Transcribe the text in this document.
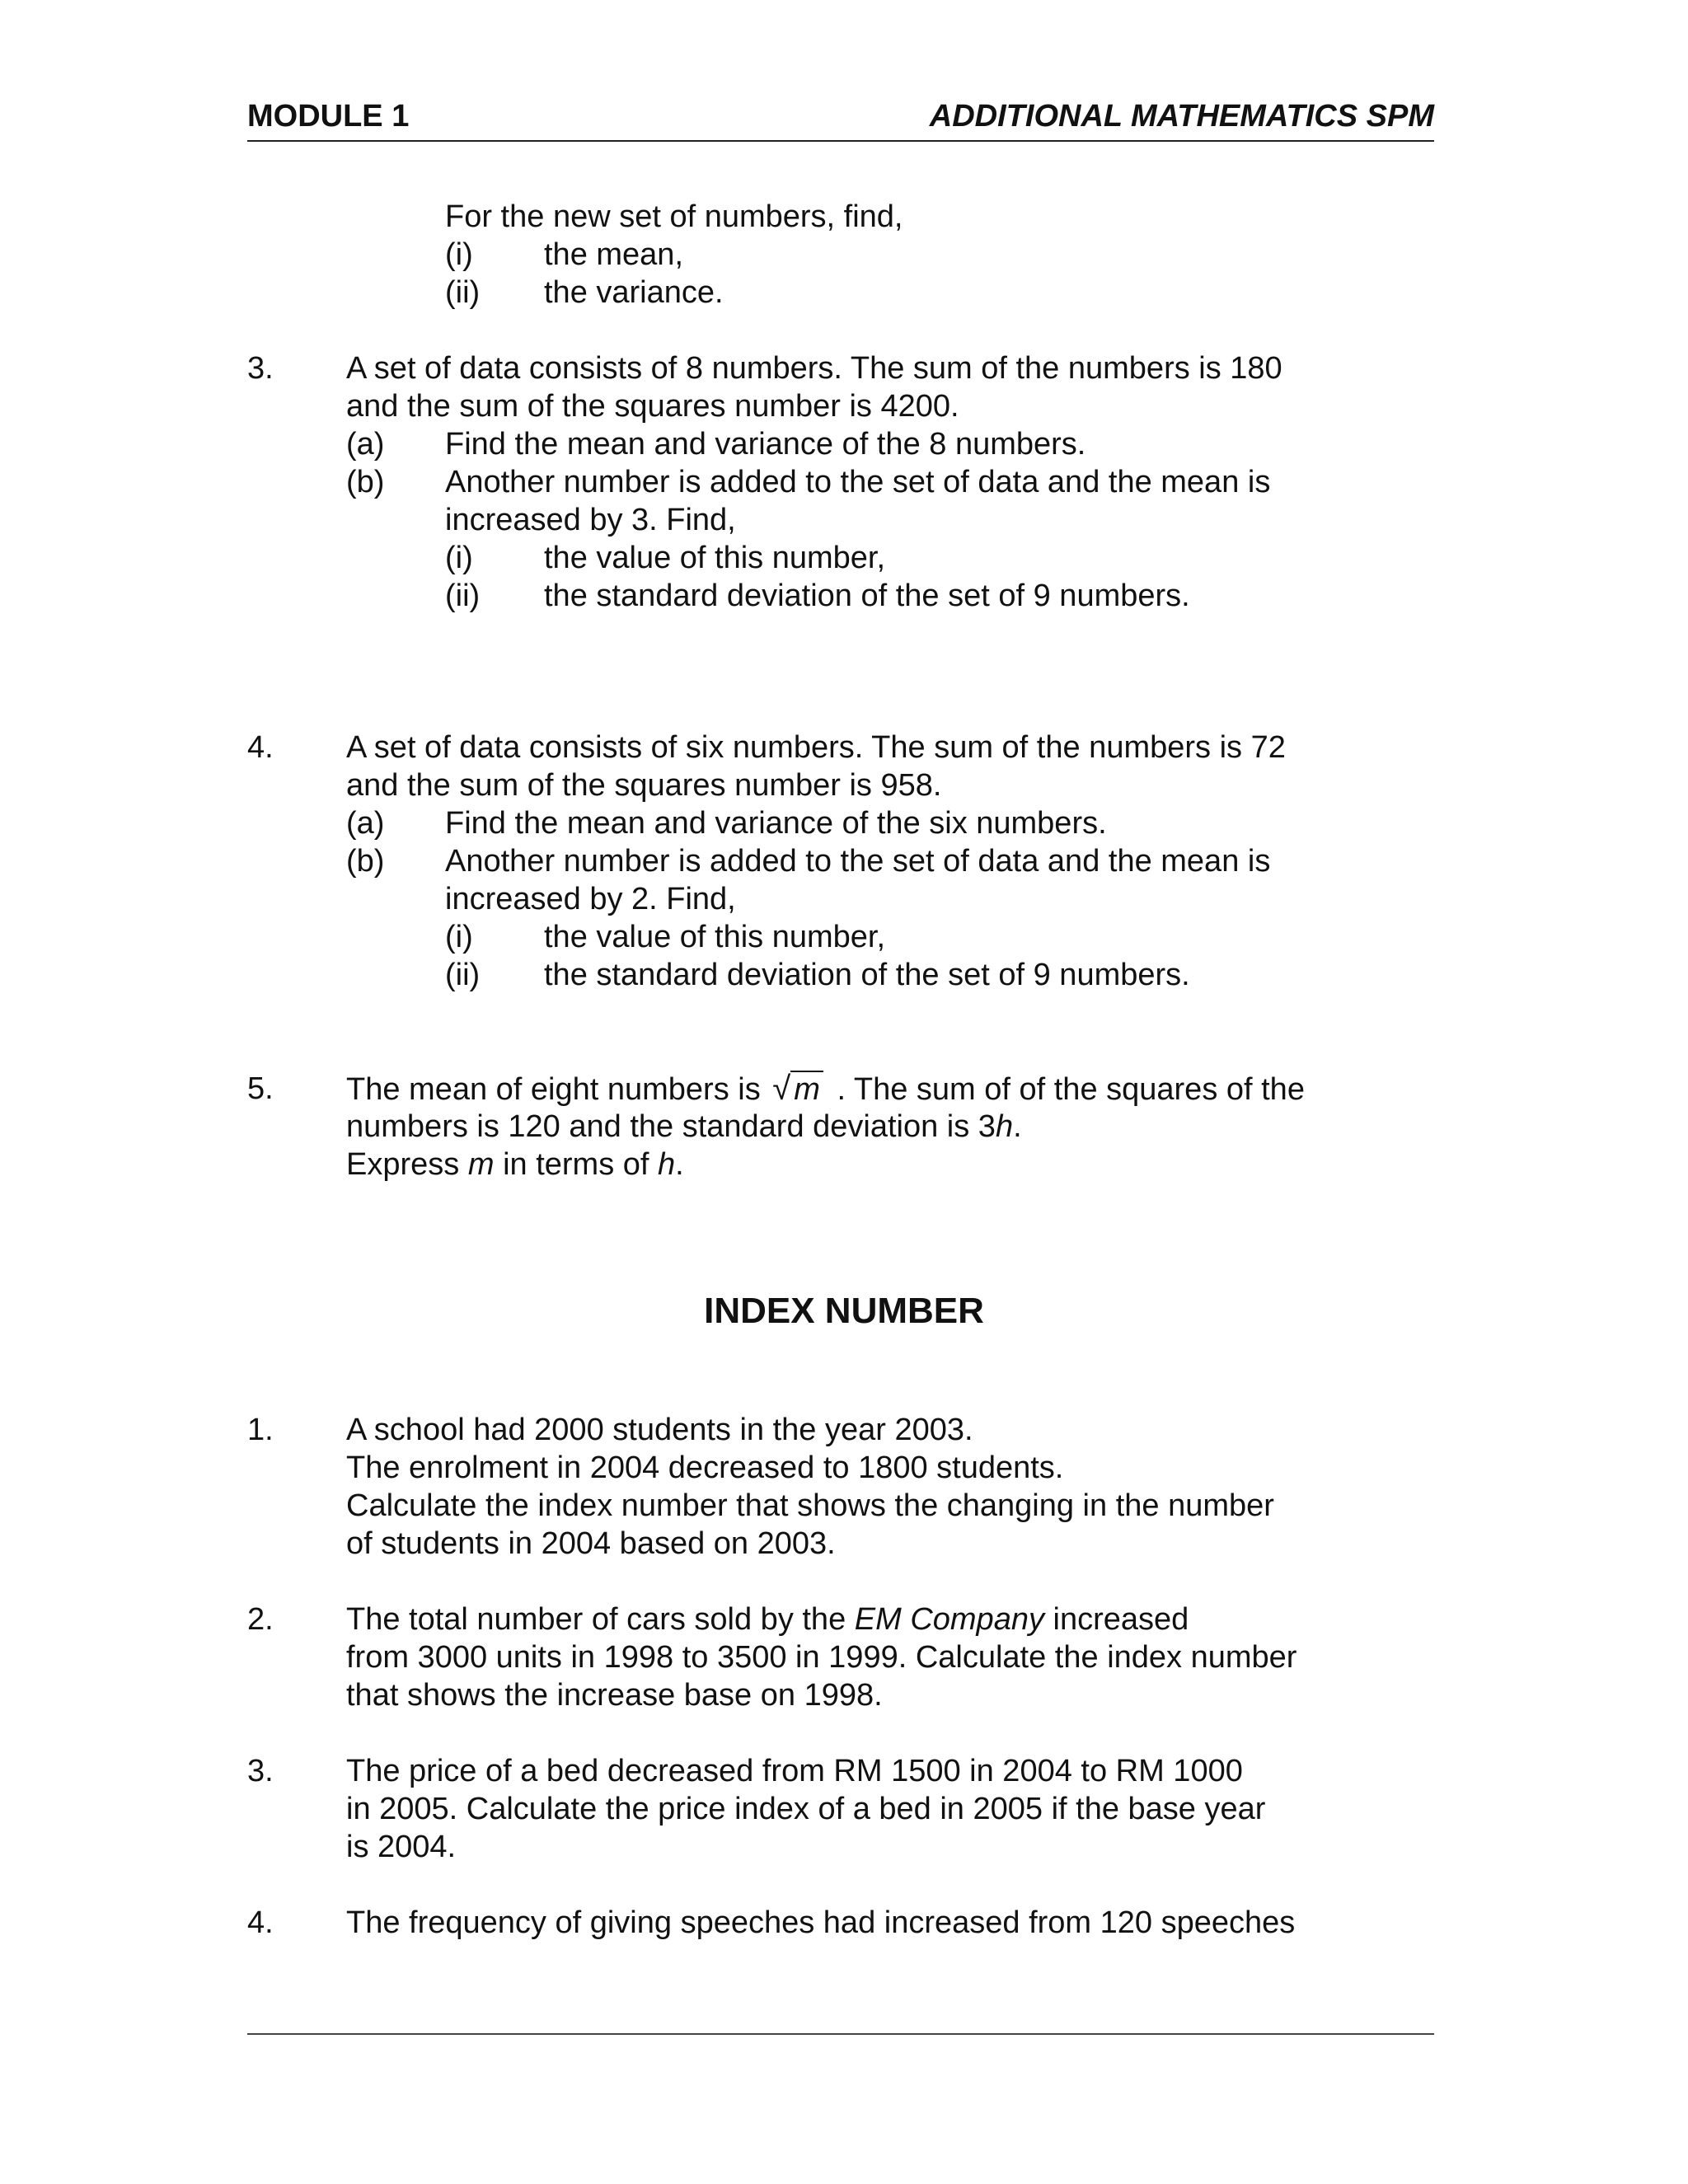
MODULE 1	ADDITIONAL MATHEMATICS SPM
For the new set of numbers, find,
(i) the mean,
(ii) the variance.
3. A set of data consists of 8 numbers. The sum of the numbers is 180
and the sum of the squares number is 4200.
(a) Find the mean and variance of the 8 numbers.
(b) Another number is added to the set of data and the mean is
increased by 3. Find,
(i) the value of this number,
(ii) the standard deviation of the set of 9 numbers.
4. A set of data consists of six numbers. The sum of the numbers is 72
and the sum of the squares number is 958.
(a) Find the mean and variance of the six numbers.
(b) Another number is added to the set of data and the mean is
increased by 2. Find,
(i) the value of this number,
(ii) the standard deviation of the set of 9 numbers.
5. The mean of eight numbers is √ m . The sum of of the squares of the
numbers is 120 and the standard deviation is 3h.
Express m in terms of h.
INDEX NUMBER
1. A school had 2000 students in the year 2003.
The enrolment in 2004 decreased to 1800 students.
Calculate the index number that shows the changing in the number
of students in 2004 based on 2003.
2. The total number of cars sold by the EM Company increased
from 3000 units in 1998 to 3500 in 1999. Calculate the index number
that shows the increase base on 1998.
3. The price of a bed decreased from RM 1500 in 2004 to RM 1000
in 2005. Calculate the price index of a bed in 2005 if the base year
is 2004.
4. The frequency of giving speeches had increased from 120 speeches
